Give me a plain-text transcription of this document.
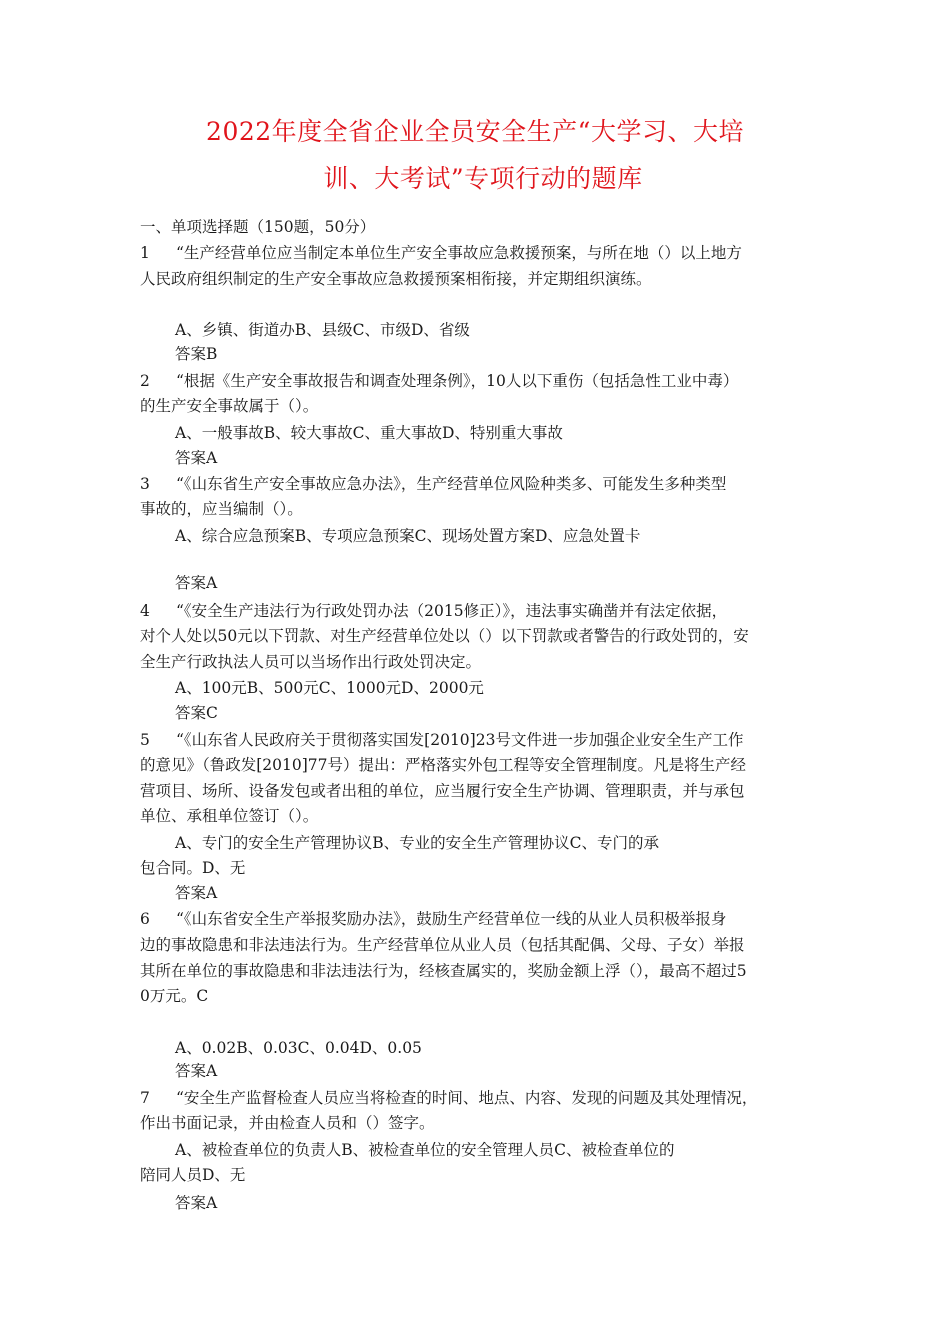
2022年度全省企业全员安全生产“大学习、大培
训、大考试”专项行动的题库
一、单项选择题（150题，50分）
1 “生产经营单位应当制定本单位生产安全事故应急救援预案，与所在地（）以上地方
人民政府组织制定的生产安全事故应急救援预案相衔接，并定期组织演练。
A、乡镇、街道办B、县级C、市级D、省级
答案B
2 “根据《生产安全事故报告和调查处理条例》，10人以下重伤（包括急性工业中毒）
的生产安全事故属于（）。
A、一般事故B、较大事故C、重大事故D、特别重大事故
答案A
3 “《山东省生产安全事故应急办法》，生产经营单位风险种类多、可能发生多种类型
事故的，应当编制（）。
A、综合应急预案B、专项应急预案C、现场处置方案D、应急处置卡
答案A
4 “《安全生产违法行为行政处罚办法（2015修正）》，违法事实确凿并有法定依据，
对个人处以50元以下罚款、对生产经营单位处以（）以下罚款或者警告的行政处罚的，安
全生产行政执法人员可以当场作出行政处罚决定。
A、100元B、500元C、1000元D、2000元
答案C
5 “《山东省人民政府关于贯彻落实国发[2010]23号文件进一步加强企业安全生产工作
的意见》（鲁政发[2010]77号）提出：严格落实外包工程等安全管理制度。凡是将生产经
营项目、场所、设备发包或者出租的单位，应当履行安全生产协调、管理职责，并与承包
单位、承租单位签订（）。
A、专门的安全生产管理协议B、专业的安全生产管理协议C、专门的承
包合同。D、无
答案A
6 “《山东省安全生产举报奖励办法》，鼓励生产经营单位一线的从业人员积极举报身
边的事故隐患和非法违法行为。生产经营单位从业人员（包括其配偶、父母、子女）举报
其所在单位的事故隐患和非法违法行为，经核查属实的，奖励金额上浮（），最高不超过5
0万元。C
A、0.02B、0.03C、0.04D、0.05
答案A
7 “安全生产监督检查人员应当将检查的时间、地点、内容、发现的问题及其处理情况，
作出书面记录，并由检查人员和（）签字。
A、被检查单位的负责人B、被检查单位的安全管理人员C、被检查单位的
陪同人员D、无
答案A
